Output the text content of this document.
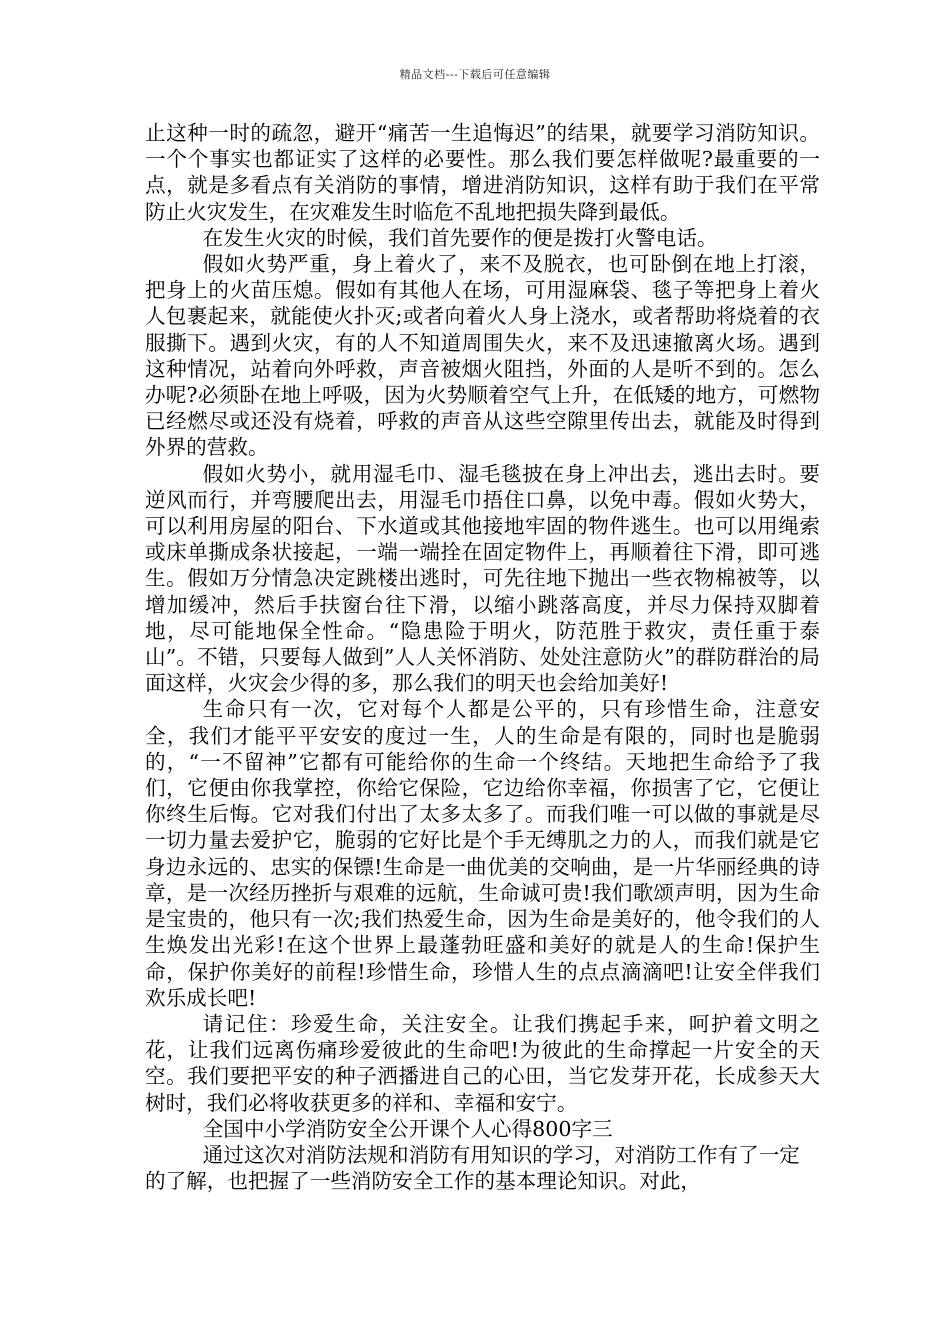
精品文档---下载后可任意编辑

止这种一时的疏忽，避开“痛苦一生追悔迟”的结果，就要学习消防知识。一个个事实也都证实了这样的必要性。那么我们要怎样做呢?最重要的一点，就是多看点有关消防的事情，增进消防知识，这样有助于我们在平常防止火灾发生，在灾难发生时临危不乱地把损失降到最低。

在发生火灾的时候，我们首先要作的便是拨打火警电话。

假如火势严重，身上着火了，来不及脱衣，也可卧倒在地上打滚，把身上的火苗压熄。假如有其他人在场，可用湿麻袋、毯子等把身上着火人包裹起来，就能使火扑灭;或者向着火人身上浇水，或者帮助将烧着的衣服撕下。遇到火灾，有的人不知道周围失火，来不及迅速撤离火场。遇到这种情况，站着向外呼救，声音被烟火阻挡，外面的人是听不到的。怎么办呢?必须卧在地上呼吸，因为火势顺着空气上升，在低矮的地方，可燃物已经燃尽或还没有烧着，呼救的声音从这些空隙里传出去，就能及时得到外界的营救。

假如火势小，就用湿毛巾、湿毛毯披在身上冲出去，逃出去时。要逆风而行，并弯腰爬出去，用湿毛巾捂住口鼻，以免中毒。假如火势大，可以利用房屋的阳台、下水道或其他接地牢固的物件逃生。也可以用绳索或床单撕成条状接起，一端一端拴在固定物件上，再顺着往下滑，即可逃生。假如万分情急决定跳楼出逃时，可先往地下抛出一些衣物棉被等，以增加缓冲，然后手扶窗台往下滑，以缩小跳落高度，并尽力保持双脚着地，尽可能地保全性命。“隐患险于明火，防范胜于救灾，责任重于泰山”。不错，只要每人做到”人人关怀消防、处处注意防火”的群防群治的局面这样，火灾会少得的多，那么我们的明天也会给加美好!

生命只有一次，它对每个人都是公平的，只有珍惜生命，注意安全，我们才能平平安安的度过一生，人的生命是有限的，同时也是脆弱的，“一不留神”它都有可能给你的生命一个终结。天地把生命给予了我们，它便由你我掌控，你给它保险，它边给你幸福，你损害了它，它便让你终生后悔。它对我们付出了太多太多了。而我们唯一可以做的事就是尽一切力量去爱护它，脆弱的它好比是个手无缚肌之力的人，而我们就是它身边永远的、忠实的保镖!生命是一曲优美的交响曲，是一片华丽经典的诗章，是一次经历挫折与艰难的远航，生命诚可贵!我们歌颂声明，因为生命是宝贵的，他只有一次;我们热爱生命，因为生命是美好的，他令我们的人生焕发出光彩!在这个世界上最蓬勃旺盛和美好的就是人的生命!保护生命，保护你美好的前程!珍惜生命，珍惜人生的点点滴滴吧!让安全伴我们欢乐成长吧!

请记住：珍爱生命，关注安全。让我们携起手来，呵护着文明之花，让我们远离伤痛珍爱彼此的生命吧!为彼此的生命撑起一片安全的天空。我们要把平安的种子洒播进自己的心田，当它发芽开花，长成参天大树时，我们必将收获更多的祥和、幸福和安宁。

全国中小学消防安全公开课个人心得800字三

通过这次对消防法规和消防有用知识的学习，对消防工作有了一定的了解，也把握了一些消防安全工作的基本理论知识。对此，
